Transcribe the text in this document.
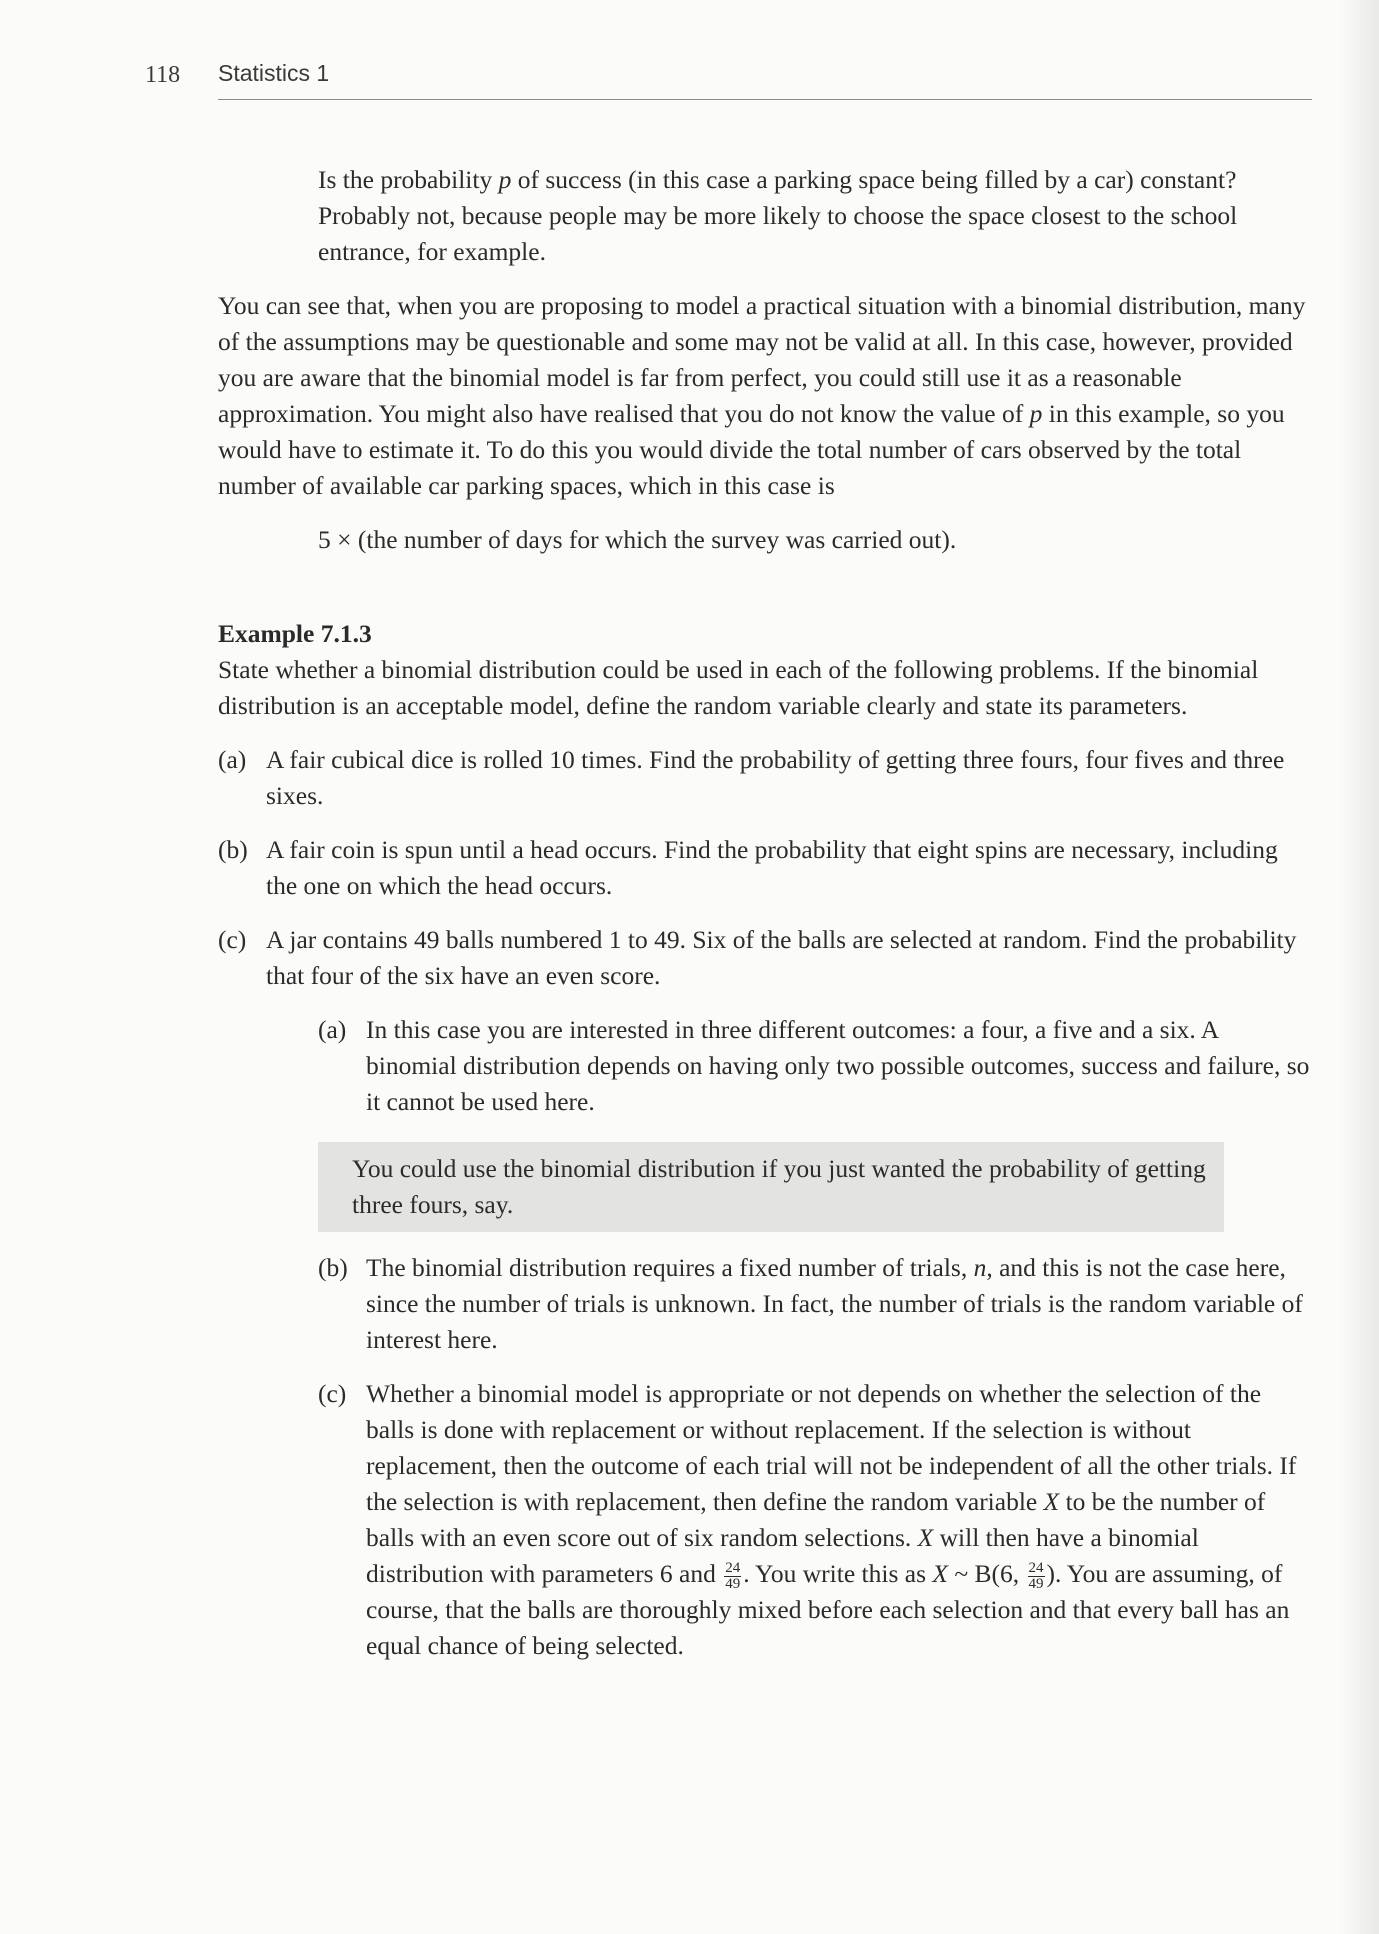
118 Statistics 1

Is the probability p of success (in this case a parking space being filled by a car) constant? Probably not, because people may be more likely to choose the space closest to the school entrance, for example.

You can see that, when you are proposing to model a practical situation with a binomial distribution, many of the assumptions may be questionable and some may not be valid at all. In this case, however, provided you are aware that the binomial model is far from perfect, you could still use it as a reasonable approximation. You might also have realised that you do not know the value of p in this example, so you would have to estimate it. To do this you would divide the total number of cars observed by the total number of available car parking spaces, which in this case is

5 × (the number of days for which the survey was carried out).

Example 7.1.3

State whether a binomial distribution could be used in each of the following problems. If the binomial distribution is an acceptable model, define the random variable clearly and state its parameters.

(a) A fair cubical dice is rolled 10 times. Find the probability of getting three fours, four fives and three sixes.
(b) A fair coin is spun until a head occurs. Find the probability that eight spins are necessary, including the one on which the head occurs.
(c) A jar contains 49 balls numbered 1 to 49. Six of the balls are selected at random. Find the probability that four of the six have an even score.
(a) In this case you are interested in three different outcomes: a four, a five and a six. A binomial distribution depends on having only two possible outcomes, success and failure, so it cannot be used here.
You could use the binomial distribution if you just wanted the probability of getting three fours, say.
(b) The binomial distribution requires a fixed number of trials, n, and this is not the case here, since the number of trials is unknown. In fact, the number of trials is the random variable of interest here.
(c) Whether a binomial model is appropriate or not depends on whether the selection of the balls is done with replacement or without replacement. If the selection is without replacement, then the outcome of each trial will not be independent of all the other trials. If the selection is with replacement, then define the random variable X to be the number of balls with an even score out of six random selections. X will then have a binomial distribution with parameters 6 and $\frac{24}{49}$ . You write this as X ~ B(6, $\frac{24}{49}$ ). You are assuming, of course, that the balls are thoroughly mixed before each selection and that every ball has an equal chance of being selected.
